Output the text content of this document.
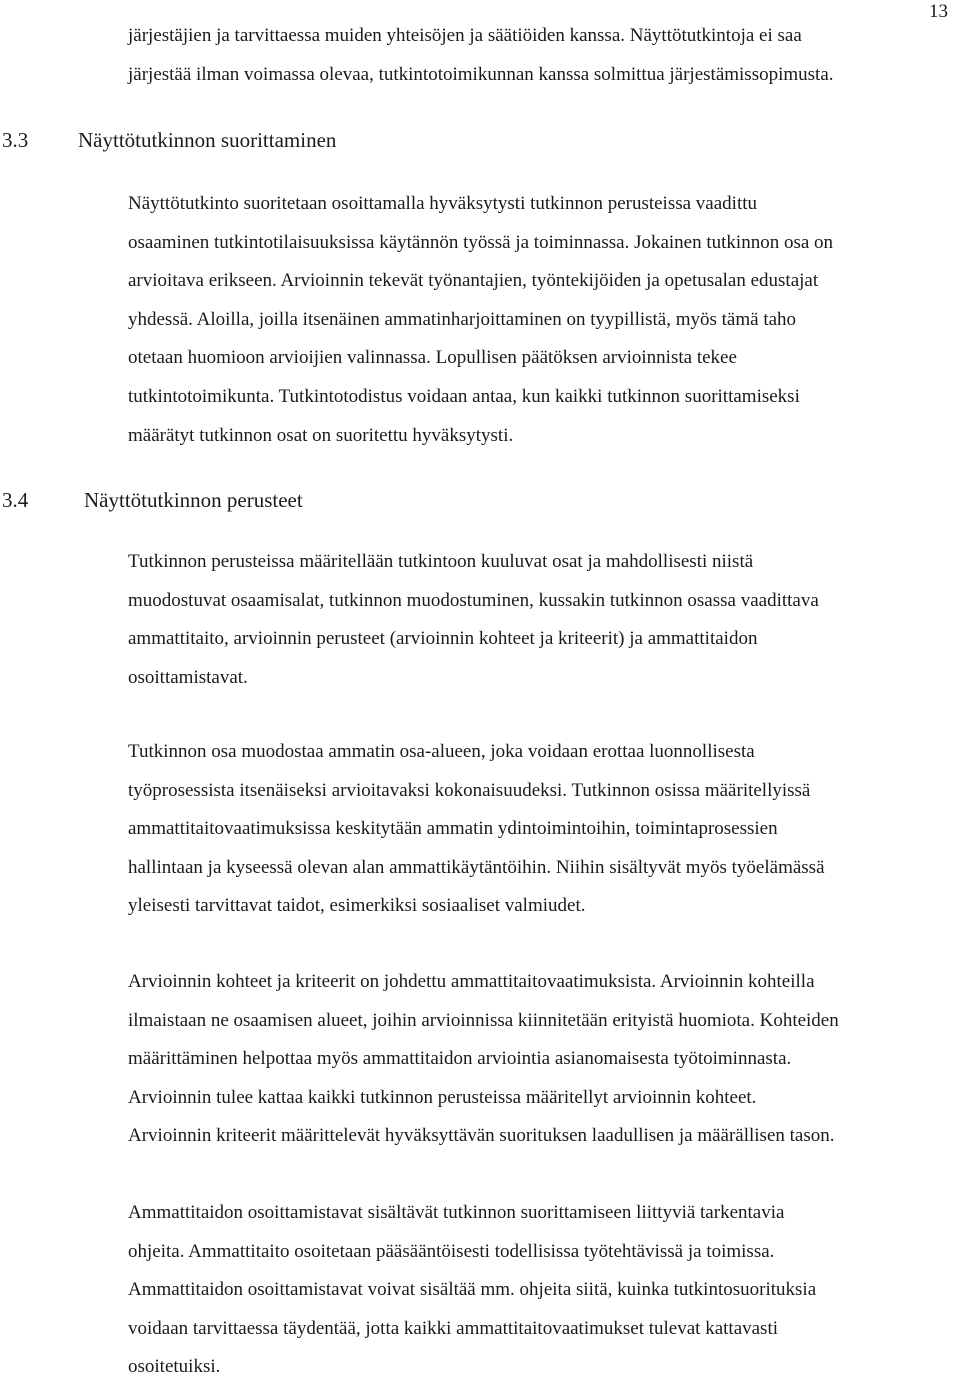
13

järjestäjien ja tarvittaessa muiden yhteisöjen ja säätiöiden kanssa. Näyttötutkintoja ei saa

järjestää ilman voimassa olevaa, tutkintotoimikunnan kanssa solmittua järjestämissopimusta.

3.3 Näyttötutkinnon suorittaminen

Näyttötutkinto suoritetaan osoittamalla hyväksytysti tutkinnon perusteissa vaadittu

osaaminen tutkintotilaisuuksissa käytännön työssä ja toiminnassa. Jokainen tutkinnon osa on

arvioitava erikseen. Arvioinnin tekevät työnantajien, työntekijöiden ja opetusalan edustajat

yhdessä. Aloilla, joilla itsenäinen ammatinharjoittaminen on tyypillistä, myös tämä taho

otetaan huomioon arvioijien valinnassa. Lopullisen päätöksen arvioinnista tekee

tutkintotoimikunta. Tutkintotodistus voidaan antaa, kun kaikki tutkinnon suorittamiseksi

määrätyt tutkinnon osat on suoritettu hyväksytysti.

3.4	Näyttötutkinnon perusteet

Tutkinnon perusteissa määritellään tutkintoon kuuluvat osat ja mahdollisesti niistä

muodostuvat osaamisalat, tutkinnon muodostuminen, kussakin tutkinnon osassa vaadittava

ammattitaito, arvioinnin perusteet (arvioinnin kohteet ja kriteerit) ja ammattitaidon

osoittamistavat.

Tutkinnon osa muodostaa ammatin osa-alueen, joka voidaan erottaa luonnollisesta

työprosessista itsenäiseksi arvioitavaksi kokonaisuudeksi. Tutkinnon osissa määritellyissä

ammattitaitovaatimuksissa keskitytään ammatin ydintoimintoihin, toimintaprosessien

hallintaan ja kyseessä olevan alan ammattikäytäntöihin. Niihin sisältyvät myös työelämässä

yleisesti tarvittavat taidot, esimerkiksi sosiaaliset valmiudet.

Arvioinnin kohteet ja kriteerit on johdettu ammattitaitovaatimuksista. Arvioinnin kohteilla

ilmaistaan ne osaamisen alueet, joihin arvioinnissa kiinnitetään erityistä huomiota. Kohteiden

määrittäminen helpottaa myös ammattitaidon arviointia asianomaisesta työtoiminnasta.

Arvioinnin tulee kattaa kaikki tutkinnon perusteissa määritellyt arvioinnin kohteet.

Arvioinnin kriteerit määrittelevät hyväksyttävän suorituksen laadullisen ja määrällisen tason.

Ammattitaidon osoittamistavat sisältävät tutkinnon suorittamiseen liittyviä tarkentavia

ohjeita. Ammattitaito osoitetaan pääsääntöisesti todellisissa työtehtävissä ja toimissa.

Ammattitaidon osoittamistavat voivat sisältää mm. ohjeita siitä, kuinka tutkintosuorituksia

voidaan tarvittaessa täydentää, jotta kaikki ammattitaitovaatimukset tulevat kattavasti

osoitetuiksi.
